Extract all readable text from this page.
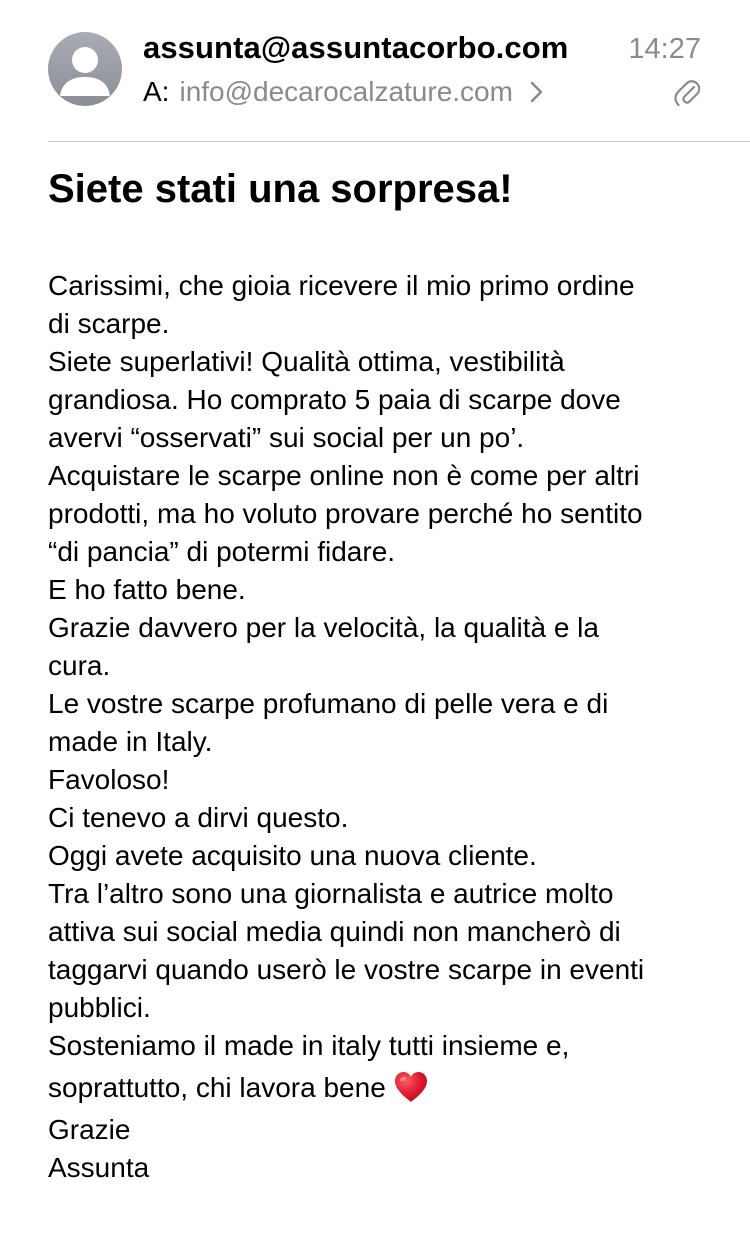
assunta@assuntacorbo.com 14:27
A: info@decarocalzature.com
Siete stati una sorpresa!
Carissimi, che gioia ricevere il mio primo ordine
di scarpe.
Siete superlativi! Qualità ottima, vestibilità
grandiosa. Ho comprato 5 paia di scarpe dove
avervi “osservati” sui social per un po’.
Acquistare le scarpe online non è come per altri
prodotti, ma ho voluto provare perché ho sentito
“di pancia” di potermi fidare.
E ho fatto bene.
Grazie davvero per la velocità, la qualità e la
cura.
Le vostre scarpe profumano di pelle vera e di
made in Italy.
Favoloso!
Ci tenevo a dirvi questo.
Oggi avete acquisito una nuova cliente.
Tra l’altro sono una giornalista e autrice molto
attiva sui social media quindi non mancherò di
taggarvi quando userò le vostre scarpe in eventi
pubblici.
Sosteniamo il made in italy tutti insieme e,
soprattutto, chi lavora bene
Grazie
Assunta
